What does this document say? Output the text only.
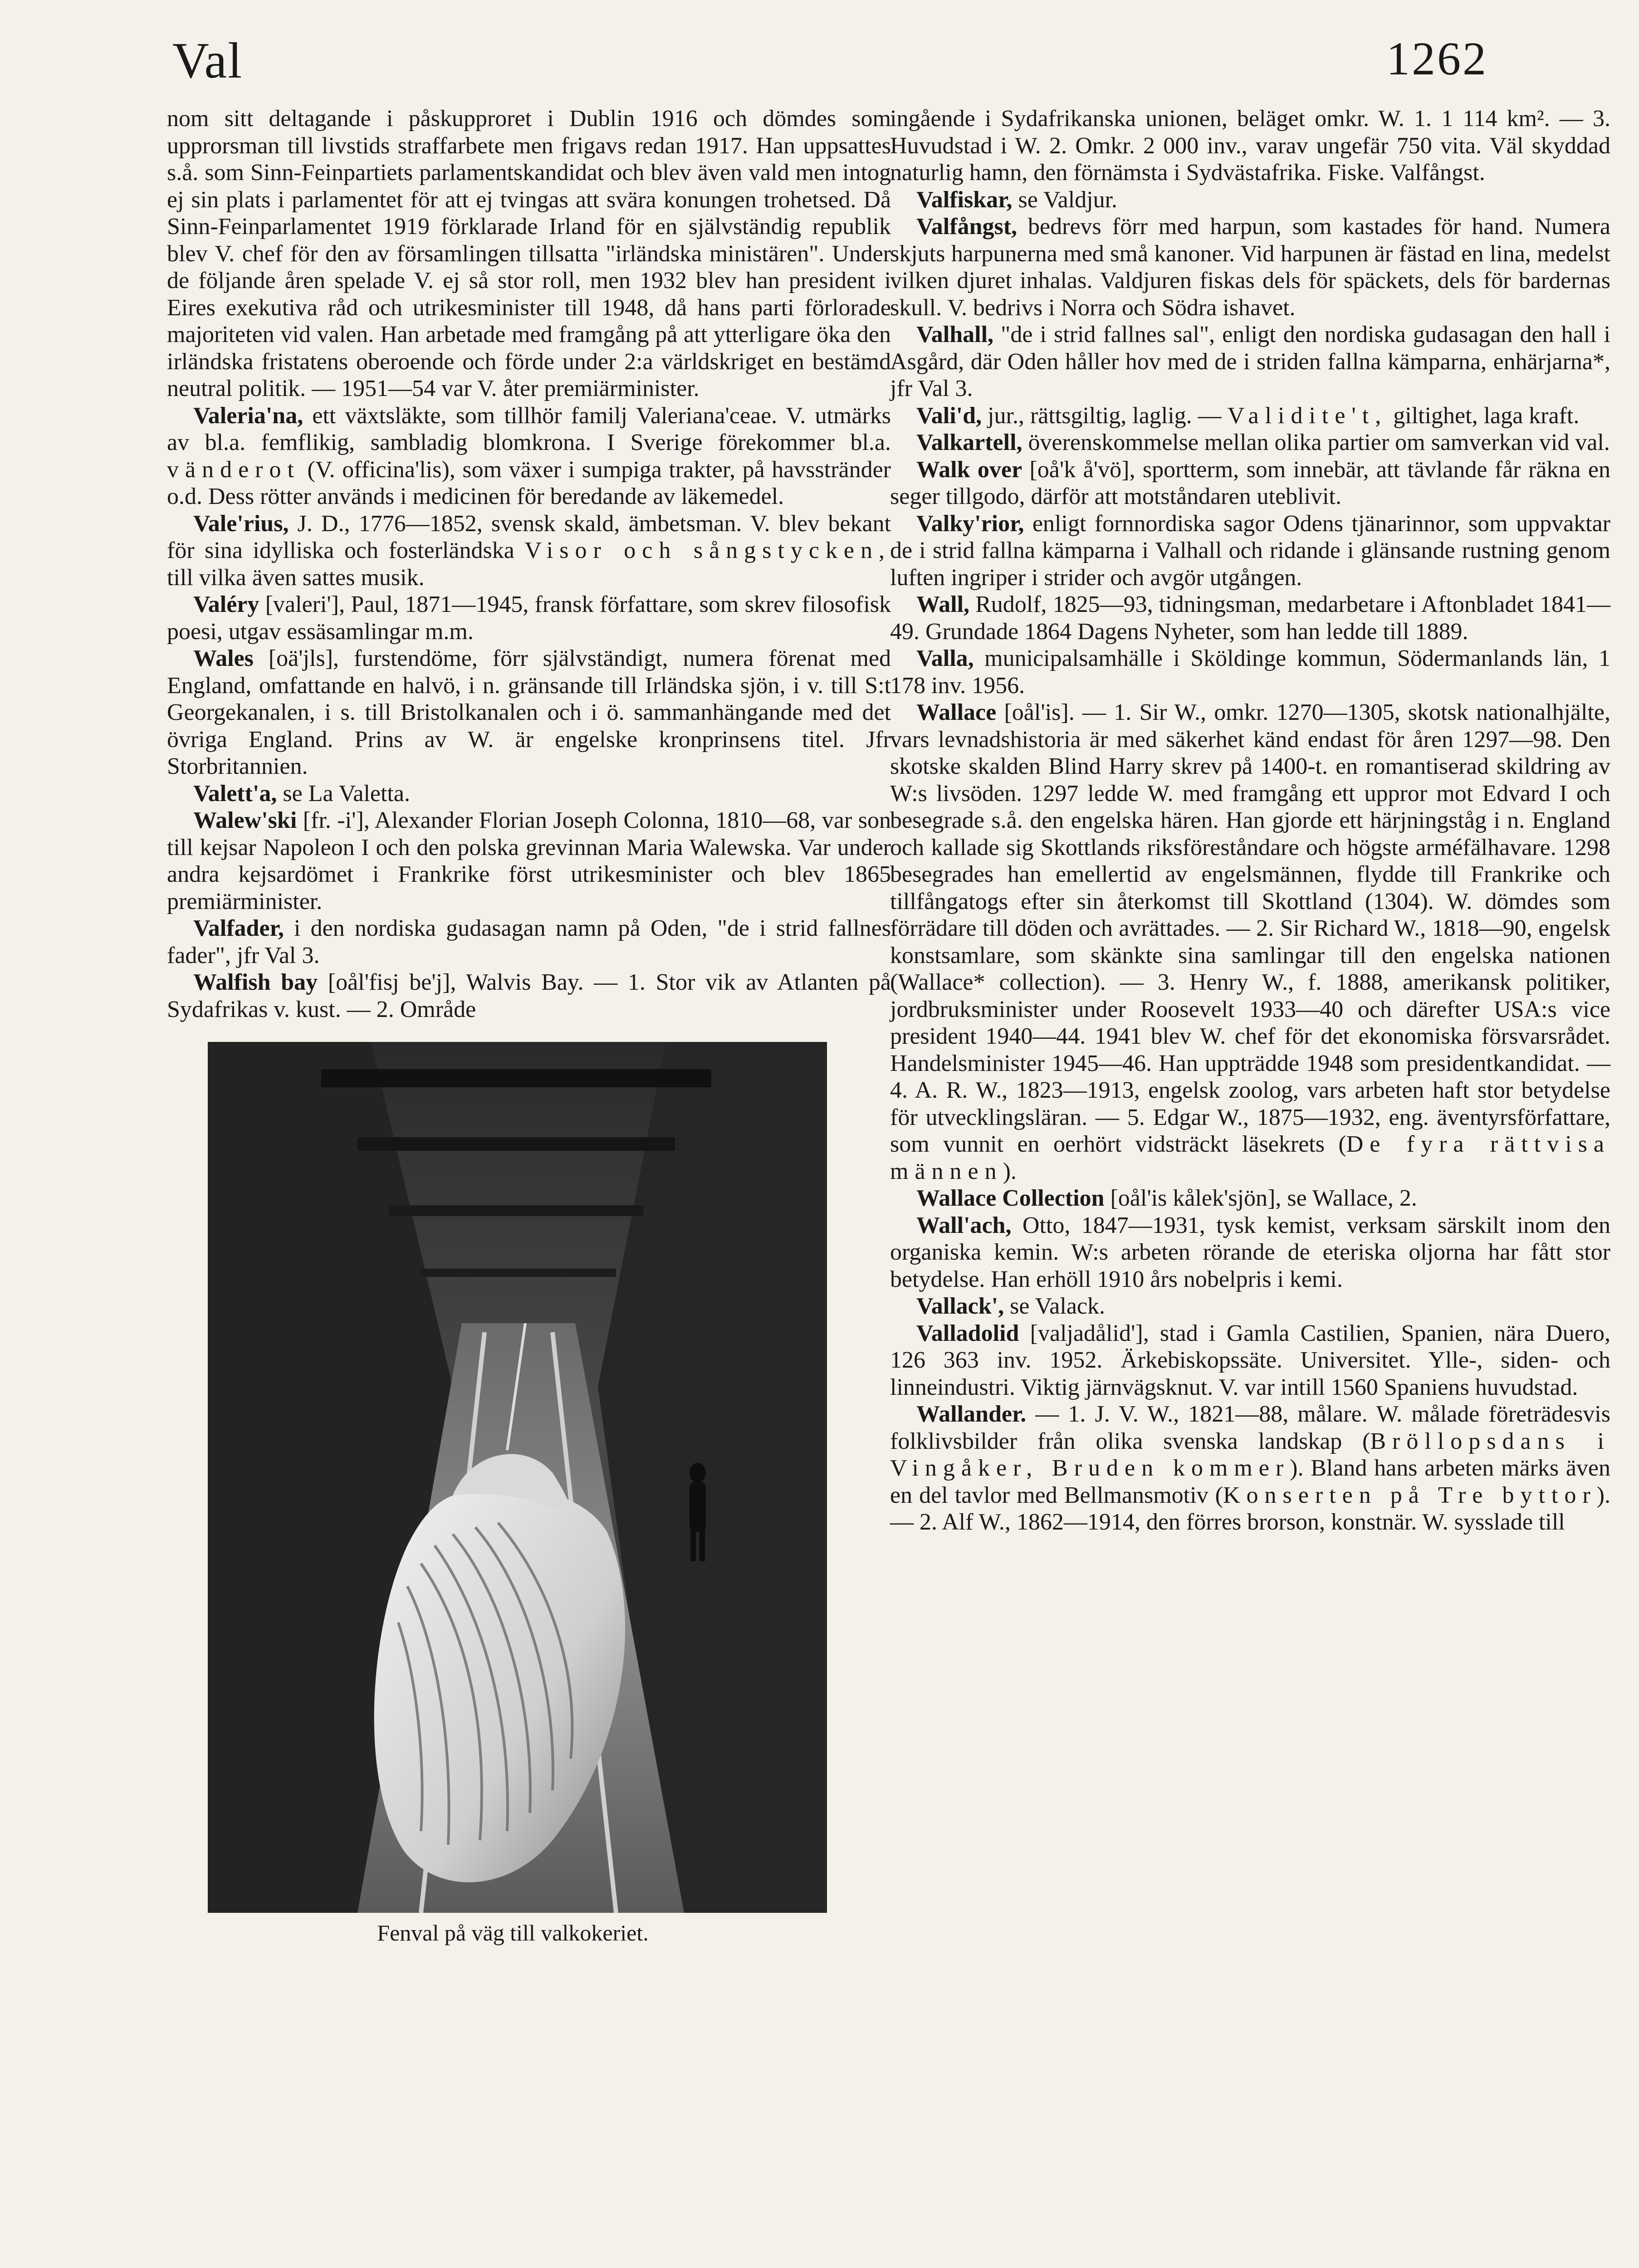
Val	1262

nom sitt deltagande i påskupproret i Dublin 1916 och dömdes som upprorsman till livstids straffarbete men frigavs redan 1917. Han uppsattes s.å. som Sinn-Feinpartiets parlamentskandidat och blev även vald men intog ej sin plats i parlamentet för att ej tvingas att svära konungen trohetsed. Då Sinn-Feinparlamentet 1919 förklarade Irland för en självständig republik blev V. chef för den av församlingen tillsatta "irländska ministären". Under de följande åren spelade V. ej så stor roll, men 1932 blev han president i Eires exekutiva råd och utrikesminister till 1948, då hans parti förlorade majoriteten vid valen. Han arbetade med framgång på att ytterligare öka den irländska fristatens oberoende och förde under 2:a världskriget en bestämd neutral politik. — 1951—54 var V. åter premiärminister.

Valeria'na, ett växtsläkte, som tillhör familj Valeriana'ceae. V. utmärks av bl.a. femflikig, sambladig blomkrona. I Sverige förekommer bl.a. vänderot (V. officina'lis), som växer i sumpiga trakter, på havsstränder o.d. Dess rötter används i medicinen för beredande av läkemedel.

Vale'rius, J. D., 1776—1852, svensk skald, ämbetsman. V. blev bekant för sina idylliska och fosterländska Visor och sångstycken, till vilka även sattes musik.

Valéry [valeri'], Paul, 1871—1945, fransk författare, som skrev filosofisk poesi, utgav essäsamlingar m.m.

Wales [oä'jls], furstendöme, förr självständigt, numera förenat med England, omfattande en halvö, i n. gränsande till Irländska sjön, i v. till S:t Georgekanalen, i s. till Bristolkanalen och i ö. sammanhängande med det övriga England. Prins av W. är engelske kronprinsens titel. Jfr Storbritannien.

Valett'a, se La Valetta.

Walew'ski [fr. -i'], Alexander Florian Joseph Colonna, 1810—68, var son till kejsar Napoleon I och den polska grevinnan Maria Walewska. Var under andra kejsardömet i Frankrike först utrikesminister och blev 1865 premiärminister.

Valfader, i den nordiska gudasagan namn på Oden, "de i strid fallnes fader", jfr Val 3.

Walfish bay [oål'fisj be'j], Walvis Bay. — 1. Stor vik av Atlanten på Sydafrikas v. kust. — 2. Område

Fenval på väg till valkokeriet.

ingående i Sydafrikanska unionen, beläget omkr. W. 1. 1 114 km². — 3. Huvudstad i W. 2. Omkr. 2 000 inv., varav ungefär 750 vita. Väl skyddad naturlig hamn, den förnämsta i Sydvästafrika. Fiske. Valfångst.

Valfiskar, se Valdjur.

Valfångst, bedrevs förr med harpun, som kastades för hand. Numera skjuts harpunerna med små kanoner. Vid harpunen är fästad en lina, medelst vilken djuret inhalas. Valdjuren fiskas dels för späckets, dels för bardernas skull. V. bedrivs i Norra och Södra ishavet.

Valhall, "de i strid fallnes sal", enligt den nordiska gudasagan den hall i Asgård, där Oden håller hov med de i striden fallna kämparna, enhärjarna*, jfr Val 3.

Vali'd, jur., rättsgiltig, laglig. — Validite't, giltighet, laga kraft.

Valkartell, överenskommelse mellan olika partier om samverkan vid val.

Walk over [oå'k å'vö], sportterm, som innebär, att tävlande får räkna en seger tillgodo, därför att motståndaren uteblivit.

Valky'rior, enligt fornnordiska sagor Odens tjänarinnor, som uppvaktar de i strid fallna kämparna i Valhall och ridande i glänsande rustning genom luften ingriper i strider och avgör utgången.

Wall, Rudolf, 1825—93, tidningsman, medarbetare i Aftonbladet 1841—49. Grundade 1864 Dagens Nyheter, som han ledde till 1889.

Valla, municipalsamhälle i Sköldinge kommun, Södermanlands län, 1 178 inv. 1956.

Wallace [oål'is]. — 1. Sir W., omkr. 1270—1305, skotsk nationalhjälte, vars levnadshistoria är med säkerhet känd endast för åren 1297—98. Den skotske skalden Blind Harry skrev på 1400-t. en romantiserad skildring av W:s livsöden. 1297 ledde W. med framgång ett uppror mot Edvard I och besegrade s.å. den engelska hären. Han gjorde ett härjningståg i n. England och kallade sig Skottlands riksföreståndare och högste arméfälhavare. 1298 besegrades han emellertid av engelsmännen, flydde till Frankrike och tillfångatogs efter sin återkomst till Skottland (1304). W. dömdes som förrädare till döden och avrättades. — 2. Sir Richard W., 1818—90, engelsk konstsamlare, som skänkte sina samlingar till den engelska nationen (Wallace* collection). — 3. Henry W., f. 1888, amerikansk politiker, jordbruksminister under Roosevelt 1933—40 och därefter USA:s vice president 1940—44. 1941 blev W. chef för det ekonomiska försvarsrådet. Handelsminister 1945—46. Han uppträdde 1948 som presidentkandidat. — 4. A. R. W., 1823—1913, engelsk zoolog, vars arbeten haft stor betydelse för utvecklingsläran. — 5. Edgar W., 1875—1932, eng. äventyrsförfattare, som vunnit en oerhört vidsträckt läsekrets (De fyra rättvisa männen).

Wallace Collection [oål'is kålek'sjön], se Wallace, 2.

Wall'ach, Otto, 1847—1931, tysk kemist, verksam särskilt inom den organiska kemin. W:s arbeten rörande de eteriska oljorna har fått stor betydelse. Han erhöll 1910 års nobelpris i kemi.

Vallack', se Valack.

Valladolid [valjadålid'], stad i Gamla Castilien, Spanien, nära Duero, 126 363 inv. 1952. Ärkebiskopssäte. Universitet. Ylle-, siden- och linneindustri. Viktig järnvägsknut. V. var intill 1560 Spaniens huvudstad.

Wallander. — 1. J. V. W., 1821—88, målare. W. målade företrädesvis folklivsbilder från olika svenska landskap (Bröllopsdans i Vingåker, Bruden kommer). Bland hans arbeten märks även en del tavlor med Bellmansmotiv (Konserten på Tre byttor). — 2. Alf W., 1862—1914, den förres brorson, konstnär. W. sysslade till
